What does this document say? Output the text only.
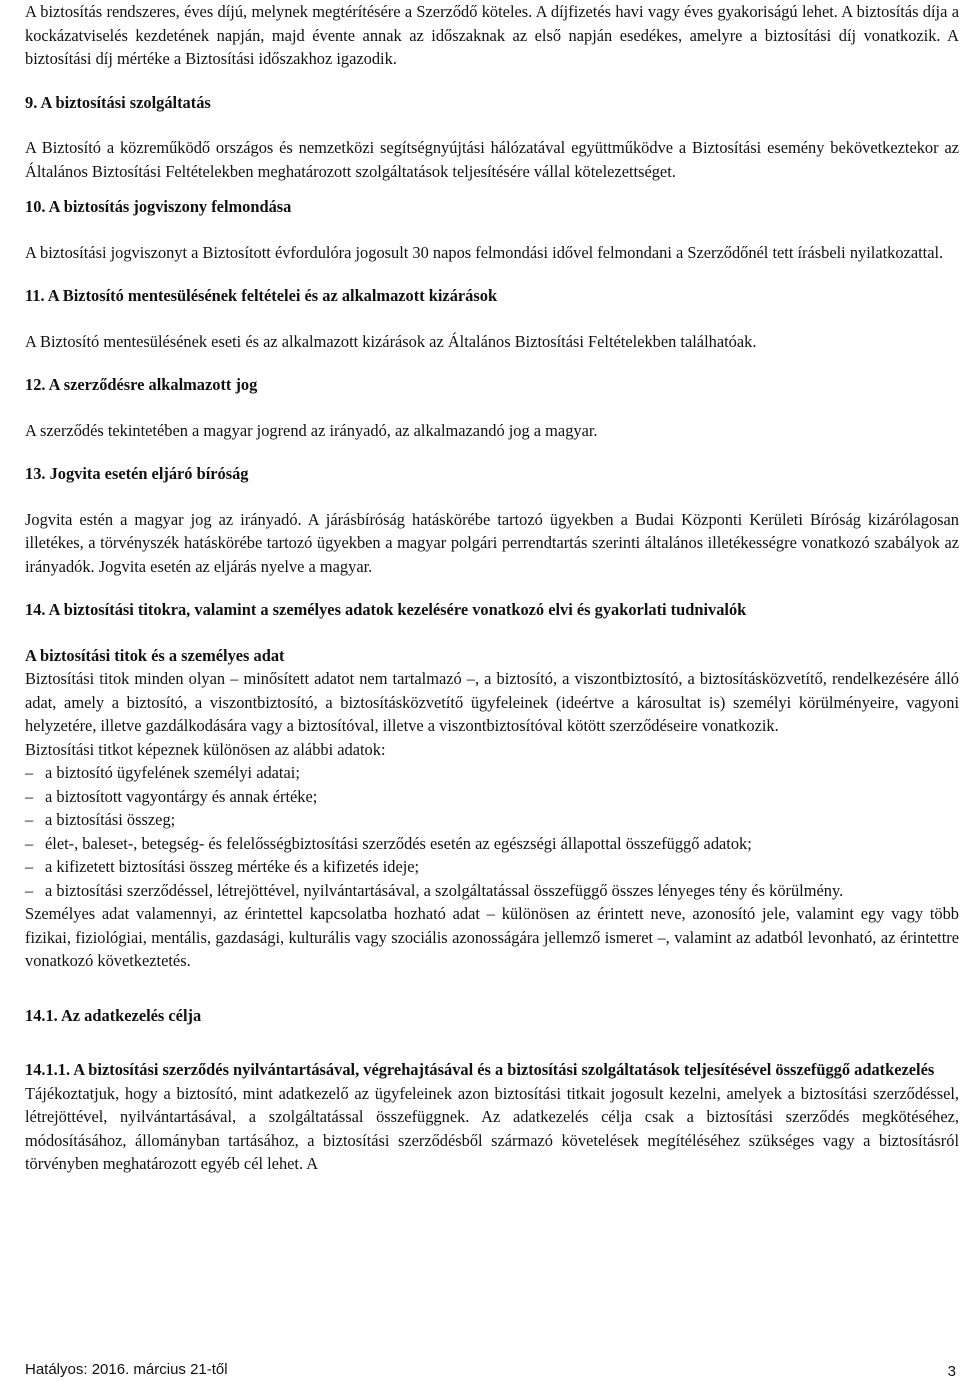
A biztosítás rendszeres, éves díjú, melynek megtérítésére a Szerződő köteles. A díjfizetés havi vagy éves gyakoriságú lehet. A biztosítás díja a kockázatviselés kezdetének napján, majd évente annak az időszaknak az első napján esedékes, amelyre a biztosítási díj vonatkozik. A biztosítási díj mértéke a Biztosítási időszakhoz igazodik.

9. A biztosítási szolgáltatás

A Biztosító a közreműködő országos és nemzetközi segítségnyújtási hálózatával együttműködve a Biztosítási esemény bekövetkeztekor az Általános Biztosítási Feltételekben meghatározott szolgáltatások teljesítésére vállal kötelezettséget.

10. A biztosítás jogviszony felmondása

A biztosítási jogviszonyt a Biztosított évfordulóra jogosult 30 napos felmondási idővel felmondani a Szerződőnél tett írásbeli nyilatkozattal.

11. A Biztosító mentesülésének feltételei és az alkalmazott kizárások

A Biztosító mentesülésének eseti és az alkalmazott kizárások az Általános Biztosítási Feltételekben találhatóak.

12. A szerződésre alkalmazott jog

A szerződés tekintetében a magyar jogrend az irányadó, az alkalmazandó jog a magyar.

13. Jogvita esetén eljáró bíróság

Jogvita estén a magyar jog az irányadó. A járásbíróság hatáskörébe tartozó ügyekben a Budai Központi Kerületi Bíróság kizárólagosan illetékes, a törvényszék hatáskörébe tartozó ügyekben a magyar polgári perrendtartás szerinti általános illetékességre vonatkozó szabályok az irányadók. Jogvita esetén az eljárás nyelve a magyar.

14. A biztosítási titokra, valamint a személyes adatok kezelésére vonatkozó elvi és gyakorlati tudnivalók
A biztosítási titok és a személyes adat

Biztosítási titok minden olyan – minősített adatot nem tartalmazó –, a biztosító, a viszontbiztosító, a biztosításközvetítő, rendelkezésére álló adat, amely a biztosító, a viszontbiztosító, a biztosításközvetítő ügyfeleinek (ideértve a károsultat is) személyi körülményeire, vagyoni helyzetére, illetve gazdálkodására vagy a biztosítóval, illetve a viszontbiztosítóval kötött szerződéseire vonatkozik.

Biztosítási titkot képeznek különösen az alábbi adatok:

– a biztosító ügyfelének személyi adatai;

– a biztosított vagyontárgy és annak értéke;

– a biztosítási összeg;

– élet-, baleset-, betegség- és felelősségbiztosítási szerződés esetén az egészségi állapottal összefüggő adatok;

– a kifizetett biztosítási összeg mértéke és a kifizetés ideje;

– a biztosítási szerződéssel, létrejöttével, nyilvántartásával, a szolgáltatással összefüggő összes lényeges tény és körülmény.

Személyes adat valamennyi, az érintettel kapcsolatba hozható adat – különösen az érintett neve, azonosító jele, valamint egy vagy több fizikai, fiziológiai, mentális, gazdasági, kulturális vagy szociális azonosságára jellemző ismeret –, valamint az adatból levonható, az érintettre vonatkozó következtetés.

14.1. Az adatkezelés célja
14.1.1. A biztosítási szerződés nyilvántartásával, végrehajtásával és a biztosítási szolgáltatások teljesítésével összefüggő adatkezelés

Tájékoztatjuk, hogy a biztosító, mint adatkezelő az ügyfeleinek azon biztosítási titkait jogosult kezelni, amelyek a biztosítási szerződéssel, létrejöttével, nyilvántartásával, a szolgáltatással összefüggnek. Az adatkezelés célja csak a biztosítási szerződés megkötéséhez, módosításához, állományban tartásához, a biztosítási szerződésből származó követelések megítéléséhez szükséges vagy a biztosításról törvényben meghatározott egyéb cél lehet. A

Hatályos: 2016. március 21-től	3
